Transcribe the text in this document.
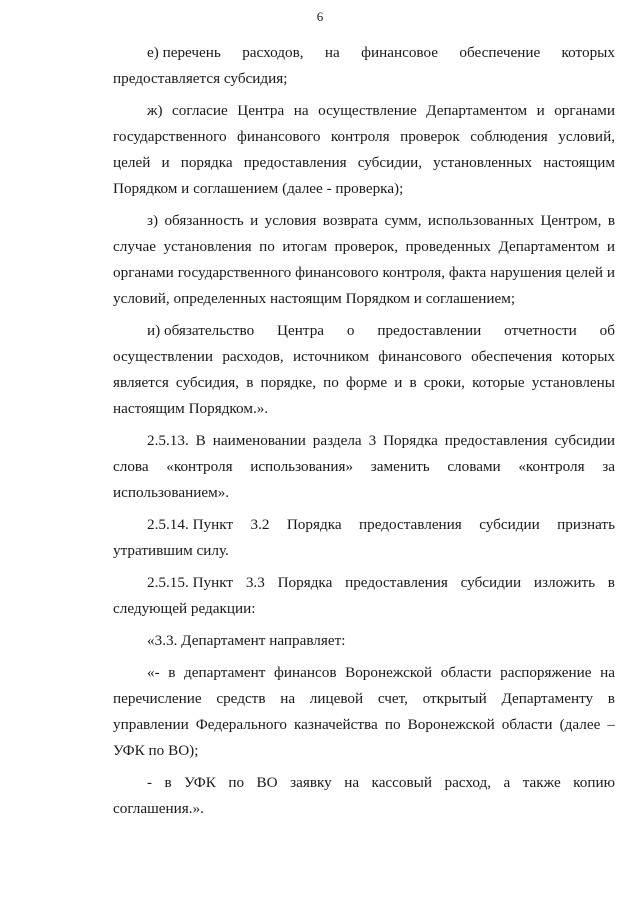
6
е) перечень расходов, на финансовое обеспечение которых
предоставляется субсидия;
ж) согласие Центра на осуществление Департаментом и органами
государственного финансового контроля проверок соблюдения условий,
целей и порядка предоставления субсидии, установленных настоящим
Порядком и соглашением (далее - проверка);
з) обязанность и условия возврата сумм, использованных Центром, в
случае установления по итогам проверок, проведенных Департаментом и
органами государственного финансового контроля, факта нарушения целей и
условий, определенных настоящим Порядком и соглашением;
и) обязательство Центра о предоставлении отчетности об
осуществлении расходов, источником финансового обеспечения которых
является субсидия, в порядке, по форме и в сроки, которые установлены
настоящим Порядком.».
2.5.13. В наименовании раздела 3 Порядка предоставления субсидии
слова «контроля использования» заменить словами «контроля за
использованием».
2.5.14. Пункт 3.2 Порядка предоставления субсидии признать
утратившим силу.
2.5.15. Пункт 3.3 Порядка предоставления субсидии изложить в
следующей редакции:
«3.3. Департамент направляет:
«- в департамент финансов Воронежской области распоряжение на
перечисление средств на лицевой счет, открытый Департаменту в
управлении Федерального казначейства по Воронежской области (далее –
УФК по ВО);
- в УФК по ВО заявку на кассовый расход, а также копию
соглашения.».
